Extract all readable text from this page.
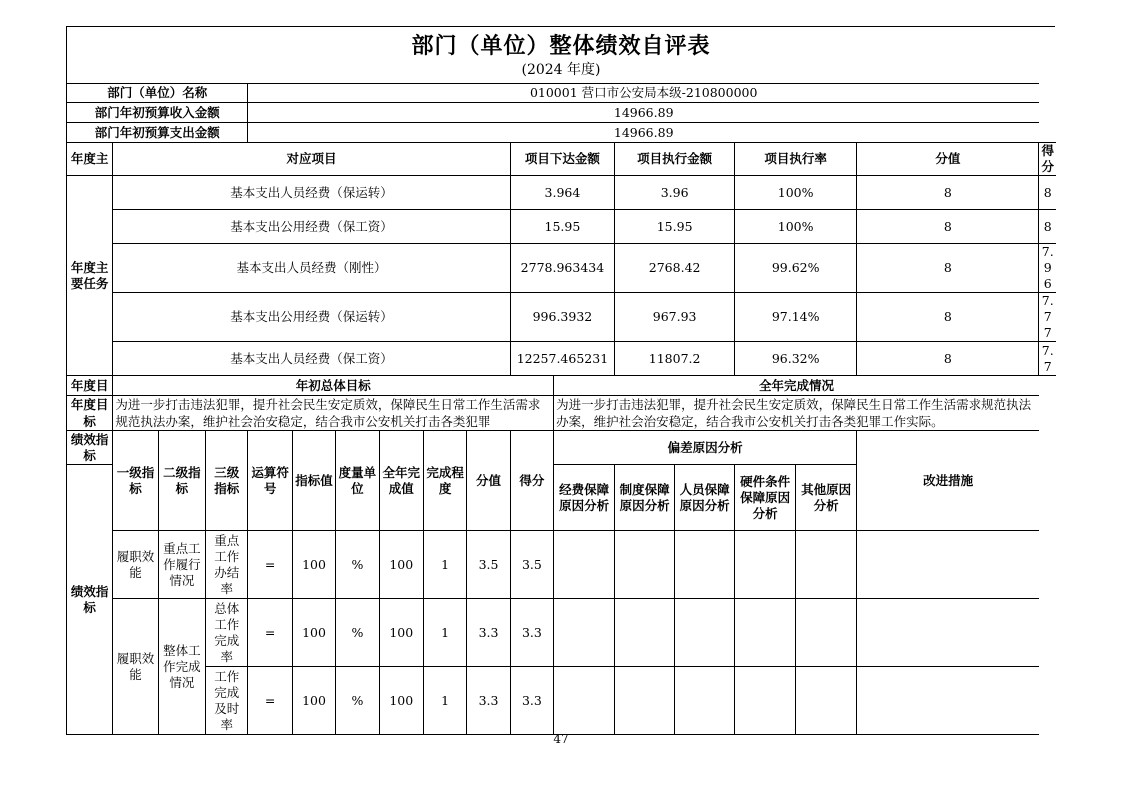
部门（单位）整体绩效自评表
(2024 年度)
部门（单位）名称				010001 营口市公安局本级-210800000													
部门年初预算收入金额				14966.89													
部门年初预算支出金额				14966.89													
年度主	对应项目									项目下达金额		项目执行金额		项目执行率		分值	得分
年度主要任务	基本支出人员经费（保运转）									3.964		3.96		100%		8	8
	基本支出公用经费（保工资）									15.95		15.95		100%		8	8
	基本支出人员经费（刚性）									2778.963434		2768.42		99.62%		8	7.96
	基本支出公用经费（保运转）									996.3932		967.93		97.14%		8	7.77
	基本支出人员经费（保工资）									12257.465231		11807.2		96.32%		8	7.7
年度目	年初总体目标										全年完成情况						

年度目标	为进一步打击违法犯罪，提升社会民生安定质效，保障民生日常工作生活需求规范执法办案，维护社会治安稳定，结合我市公安机关打击各类犯罪										为进一步打击违法犯罪，提升社会民生安定质效，保障民生日常工作生活需求规范执法办案，维护社会治安稳定，结合我市公安机关打击各类犯罪工作实际。						

绩效指标	一级指标	二级指标	三级指标	运算符号	指标值	度量单位	全年完成值	完成程度	分值	得分	偏差原因分析					改进措施	
绩效指标											经费保障原因分析	制度保障原因分析	人员保障原因分析	硬件条件保障原因分析	其他原因分析		
	履职效能	重点工作履行情况	重点工作办结率	=	100	%	100	1	3.5	3.5							
	履职效能	整体工作完成情况	总体工作完成率	=	100	%	100	1	3.3	3.3							

			工作完成及时率	=	100	%	100	1	3.3	3.3							
47
